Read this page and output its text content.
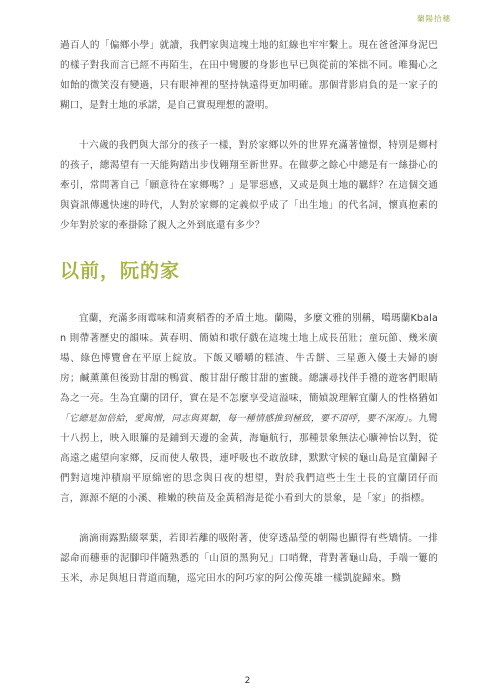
蘭陽拾穗

過百人的「偏鄉小學」就讀，我們家與這塊土地的紅線也牢牢繫上。現在爸爸渾身泥巴的樣子對我而言已經不再陌生，在田中彎腰的身影也早已與從前的笨拙不同。唯獨心之如飴的微笑沒有變過，只有眼神裡的堅持執遠得更加明確。那個背影肩負的是一家子的糊口，是對土地的承諾，是自己實現理想的證明。

十六歲的我們與大部分的孩子一樣，對於家鄉以外的世界充滿著憧憬，特別是鄉村的孩子，總渴望有一天能夠踏出步伐翱翔至新世界。在做夢之餘心中總是有一絲掛心的牽引，常問著自己「願意待在家鄉嗎？」是罪惡感，又或是與土地的羈絆？在這個交通與資訊傳遞快速的時代，人對於家鄉的定義似乎成了「出生地」的代名詞，懷真抱素的少年對於家的牽掛除了親人之外到底還有多少？

以前，阮的家

宜蘭，充滿多雨霉味和清爽稻香的矛盾土地。蘭陽，多麼文雅的別稱，噶瑪蘭Kbalan 則帶著歷史的韻味。黃春明、簡媜和歌仔戲在這塊土地上成長茁壯；童玩節、幾米廣場、綠色博覽會在平原上綻放。下飯又嚼嚼的糕渣、牛舌餅、三星蔥入優土夫婦的廚房；鹹薰薰但後勁甘甜的鴨賞、酸甘甜仔酸甘甜的蜜餞。總讓尋找伴手禮的遊客們眼睛為之一亮。生為宜蘭的囝仔，實在是不怎麼享受這溢味，簡媜說理解宜蘭人的性格猶如「它總是加倍給，愛與憎，同志與異類，每一種情感推到極致，要不頂呼，要不深海」。九彎十八拐上，映入眼簾的是鋪到天邊的金黃，海龜航行，那種景象無法心曠神怡以對，從高遠之處望向家鄉，反而使人敬畏，連呼吸也不敢放肆，默默守候的龜山島是宜蘭歸子們對這塊沖積扇平原綿密的思念與日夜的想望，對於我們這些土生土長的宜蘭囝仔而言，源源不絕的小溪、稚嫩的秧苗及金黃稻海是從小看到大的景象，是「家」的指標。

滴滴雨露點綴翠葉，若即若離的吸附著，使穿透晶瑩的朝陽也顯得有些矯情。一排認命而穗垂的泥腳印伴隨熟悉的「山頂的黑狗兄」口哨聲，背對著龜山島，手端一簍的玉米，赤足與旭日背道而馳，巡完田水的阿巧家的阿公像英雄一樣凱旋歸來。黝

2
